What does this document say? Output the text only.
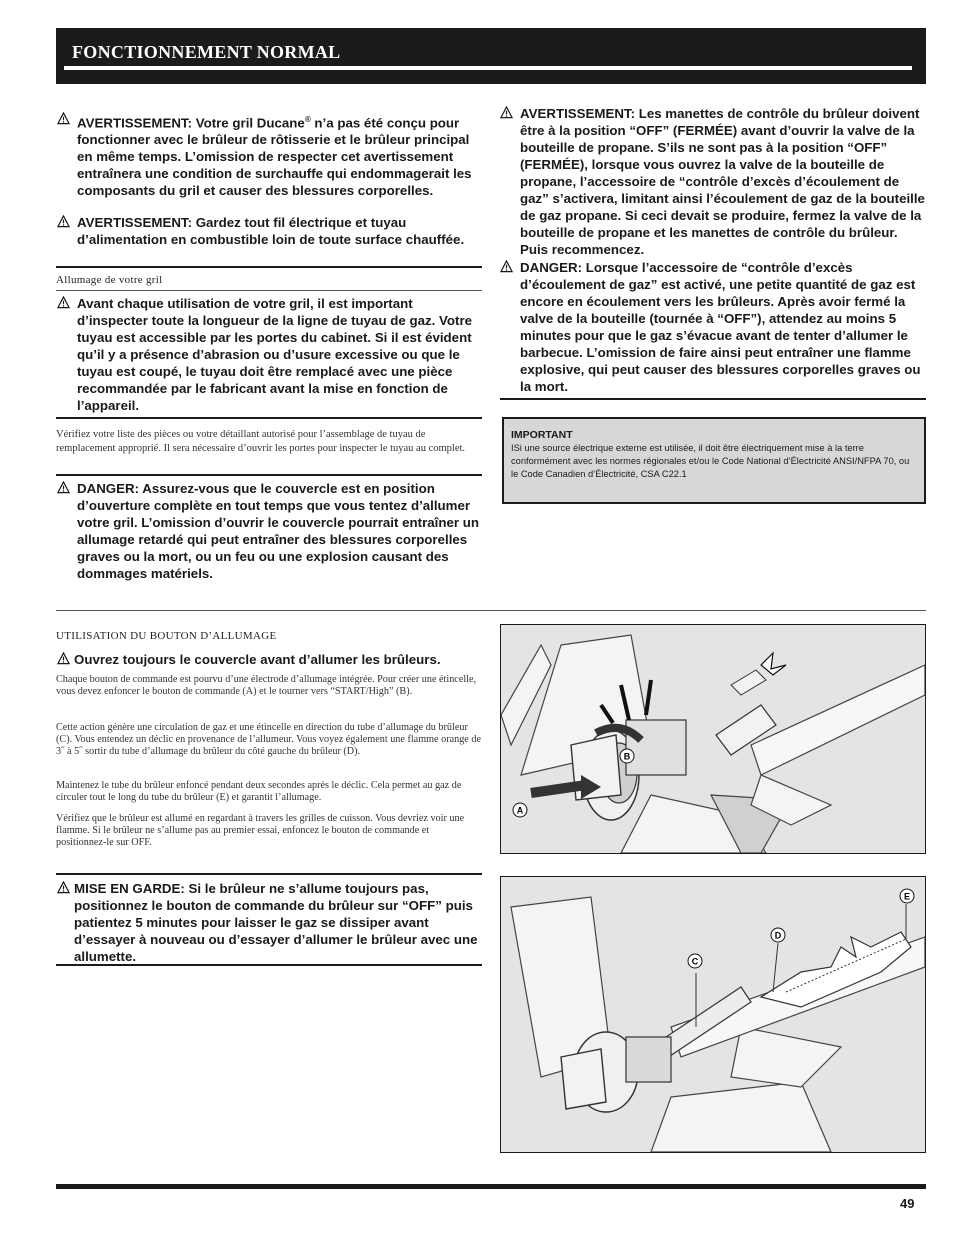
FONCTIONNEMENT NORMAL
AVERTISSEMENT: Votre gril Ducane® n’a pas été conçu pour fonctionner avec le brûleur de rôtisserie et le brûleur principal en même temps. L’omission de respecter cet avertissement entraînera une condition de surchauffe qui endommagerait les composants du gril et causer des blessures corporelles.
AVERTISSEMENT: Gardez tout fil électrique et tuyau d’alimentation en combustible loin de toute surface chauffée.
Allumage de votre gril
Avant chaque utilisation de votre gril, il est important d’inspecter toute la longueur de la ligne de tuyau de gaz. Votre tuyau est accessible par les portes du cabinet. Si il est évident qu’il y a présence d’abrasion ou d’usure excessive ou que le tuyau est coupé, le tuyau doit être remplacé avec une pièce recommandée par le fabricant avant la mise en fonction de l’appareil.
Vérifiez votre liste des pièces ou votre détaillant autorisé pour l’assemblage de tuyau de remplacement approprié. Il sera nécessaire d’ouvrir les portes pour inspecter le tuyau au complet.
DANGER: Assurez-vous que le couvercle est en position d’ouverture complète en tout temps que vous tentez d’allumer votre gril. L’omission d’ouvrir le couvercle pourrait entraîner un allumage retardé qui peut entraîner des blessures corporelles graves ou la mort, ou un feu ou une explosion causant des dommages matériels.
AVERTISSEMENT: Les manettes de contrôle du brûleur doivent être à la position “OFF” (FERMÉE) avant d’ouvrir la valve de la bouteille de propane. S’ils ne sont pas à la position “OFF” (FERMÉE), lorsque vous ouvrez la valve de la bouteille de propane, l’accessoire de “contrôle d’excès d’écoulement de gaz” s’activera, limitant ainsi l’écoulement de gaz de la bouteille de gaz propane. Si ceci devait se produire, fermez la valve de la bouteille de propane et les manettes de contrôle du brûleur. Puis recommencez.
DANGER: Lorsque l’accessoire de “contrôle d’excès d’écoulement de gaz” est activé, une petite quantité de gaz est encore en écoulement vers les brûleurs. Après avoir fermé la valve de la bouteille (tournée à “OFF”), attendez au moins 5 minutes pour que le gaz s’évacue avant de tenter d’allumer le barbecue. L’omission de faire ainsi peut entraîner une flamme explosive, qui peut causer des blessures corporelles graves ou la mort.
IMPORTANT
ISi une source électrique externe est utilisée, il doit être électriquement mise à la terre conformément avec les normes régionales et/ou le Code National d’Électricité ANSI/NFPA 70, ou le Code Canadien d’Électricité, CSA C22.1
UTILISATION DU BOUTON D’ALLUMAGE
Ouvrez toujours le couvercle avant d’allumer les brûleurs.
Chaque bouton de commande est pourvu d’une électrode d’allumage intégrée. Pour créer une étincelle, vous devez enfoncer le bouton de commande (A) et le tourner vers “START/High” (B).
Cette action génère une circulation de gaz et une étincelle en direction du tube d’allumage du brûleur (C). Vous entendez un déclic en provenance de l’allumeur. Vous voyez également une flamme orange de 3˝ à 5˝ sortir du tube d’allumage du brûleur du côté gauche du brûleur (D).
Maintenez le tube du brûleur enfoncé pendant deux secondes après le déclic. Cela permet au gaz de circuler tout le long du tube du brûleur (E) et garantit l’allumage.
Vérifiez que le brûleur est allumé en regardant à travers les grilles de cuisson. Vous devriez voir une flamme. Si le brûleur ne s’allume pas au premier essai, enfoncez le bouton de commande et positionnez-le sur OFF.
MISE EN GARDE: Si le brûleur ne s’allume toujours pas, positionnez le bouton de commande du brûleur sur “OFF” puis patientez 5 minutes pour laisser le gaz se dissiper avant d’essayer à nouveau ou d’essayer d’allumer le brûleur avec une allumette.
A
B
C
D
E
49
